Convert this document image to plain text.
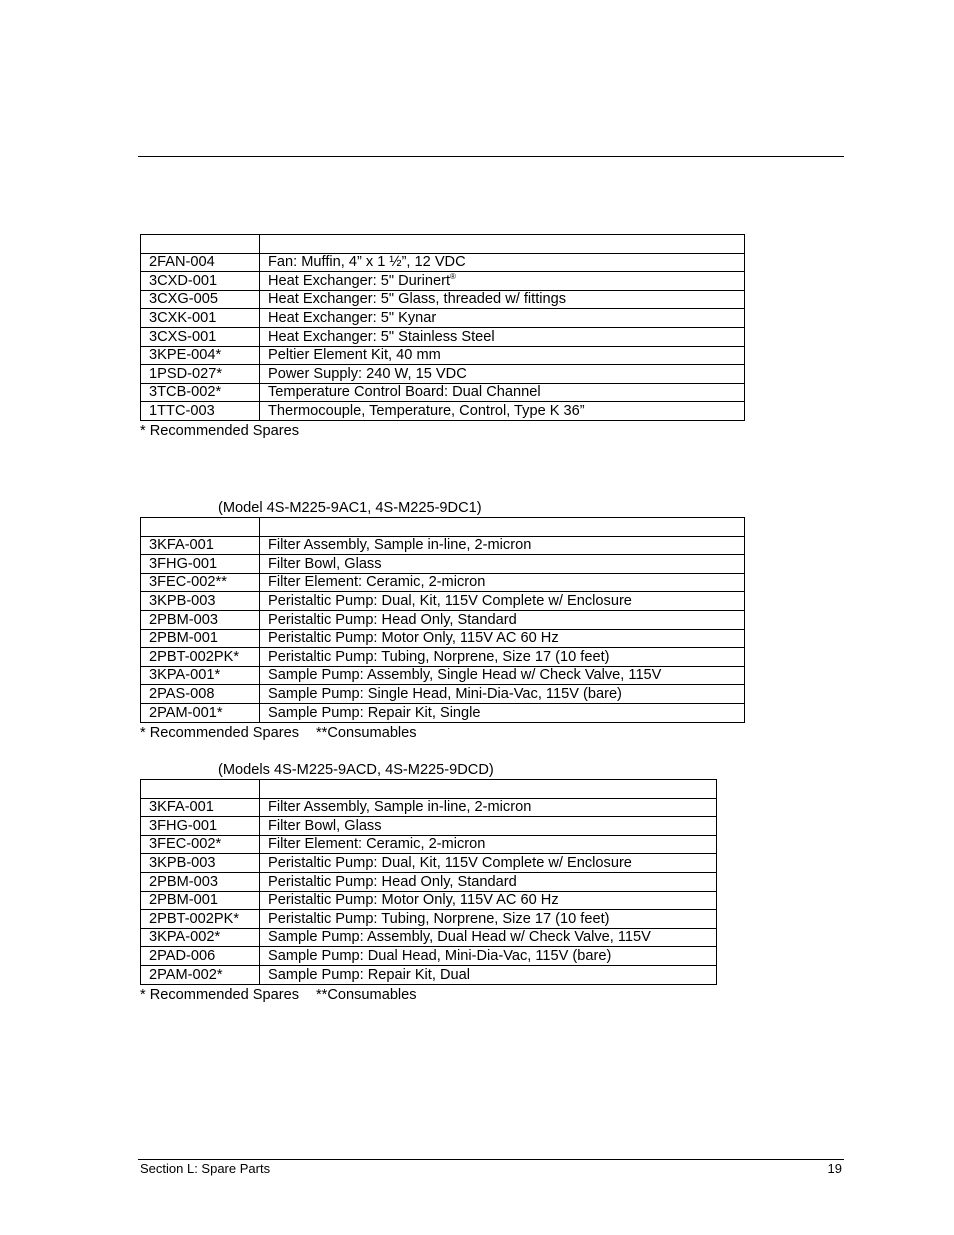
2FAN-004	Fan: Muffin, 4” x 1 ½”, 12 VDC
3CXD-001	Heat Exchanger: 5" Durinert®
3CXG-005	Heat Exchanger: 5" Glass, threaded w/ fittings
3CXK-001	Heat Exchanger: 5" Kynar
3CXS-001	Heat Exchanger: 5" Stainless Steel
3KPE-004*	Peltier Element Kit, 40 mm
1PSD-027*	Power Supply: 240 W, 15 VDC
3TCB-002*	Temperature Control Board: Dual Channel
1TTC-003	Thermocouple, Temperature, Control, Type K 36”
* Recommended Spares
(Model 4S-M225-9AC1, 4S-M225-9DC1)

3KFA-001	Filter Assembly, Sample in-line, 2-micron
3FHG-001	Filter Bowl, Glass
3FEC-002**	Filter Element: Ceramic, 2-micron
3KPB-003	Peristaltic Pump: Dual, Kit, 115V Complete w/ Enclosure
2PBM-003	Peristaltic Pump: Head Only, Standard
2PBM-001	Peristaltic Pump: Motor Only, 115V AC 60 Hz
2PBT-002PK*	Peristaltic Pump: Tubing, Norprene, Size 17 (10 feet)
3KPA-001*	Sample Pump: Assembly, Single Head w/ Check Valve, 115V
2PAS-008	Sample Pump: Single Head, Mini-Dia-Vac, 115V (bare)
2PAM-001*	Sample Pump: Repair Kit, Single
* Recommended Spares **Consumables
(Models 4S-M225-9ACD, 4S-M225-9DCD)

3KFA-001	Filter Assembly, Sample in-line, 2-micron
3FHG-001	Filter Bowl, Glass
3FEC-002*	Filter Element: Ceramic, 2-micron
3KPB-003	Peristaltic Pump: Dual, Kit, 115V Complete w/ Enclosure
2PBM-003	Peristaltic Pump: Head Only, Standard
2PBM-001	Peristaltic Pump: Motor Only, 115V AC 60 Hz
2PBT-002PK*	Peristaltic Pump: Tubing, Norprene, Size 17 (10 feet)
3KPA-002*	Sample Pump: Assembly, Dual Head w/ Check Valve, 115V
2PAD-006	Sample Pump: Dual Head, Mini-Dia-Vac, 115V (bare)
2PAM-002*	Sample Pump: Repair Kit, Dual
* Recommended Spares **Consumables
Section L: Spare Parts	19
